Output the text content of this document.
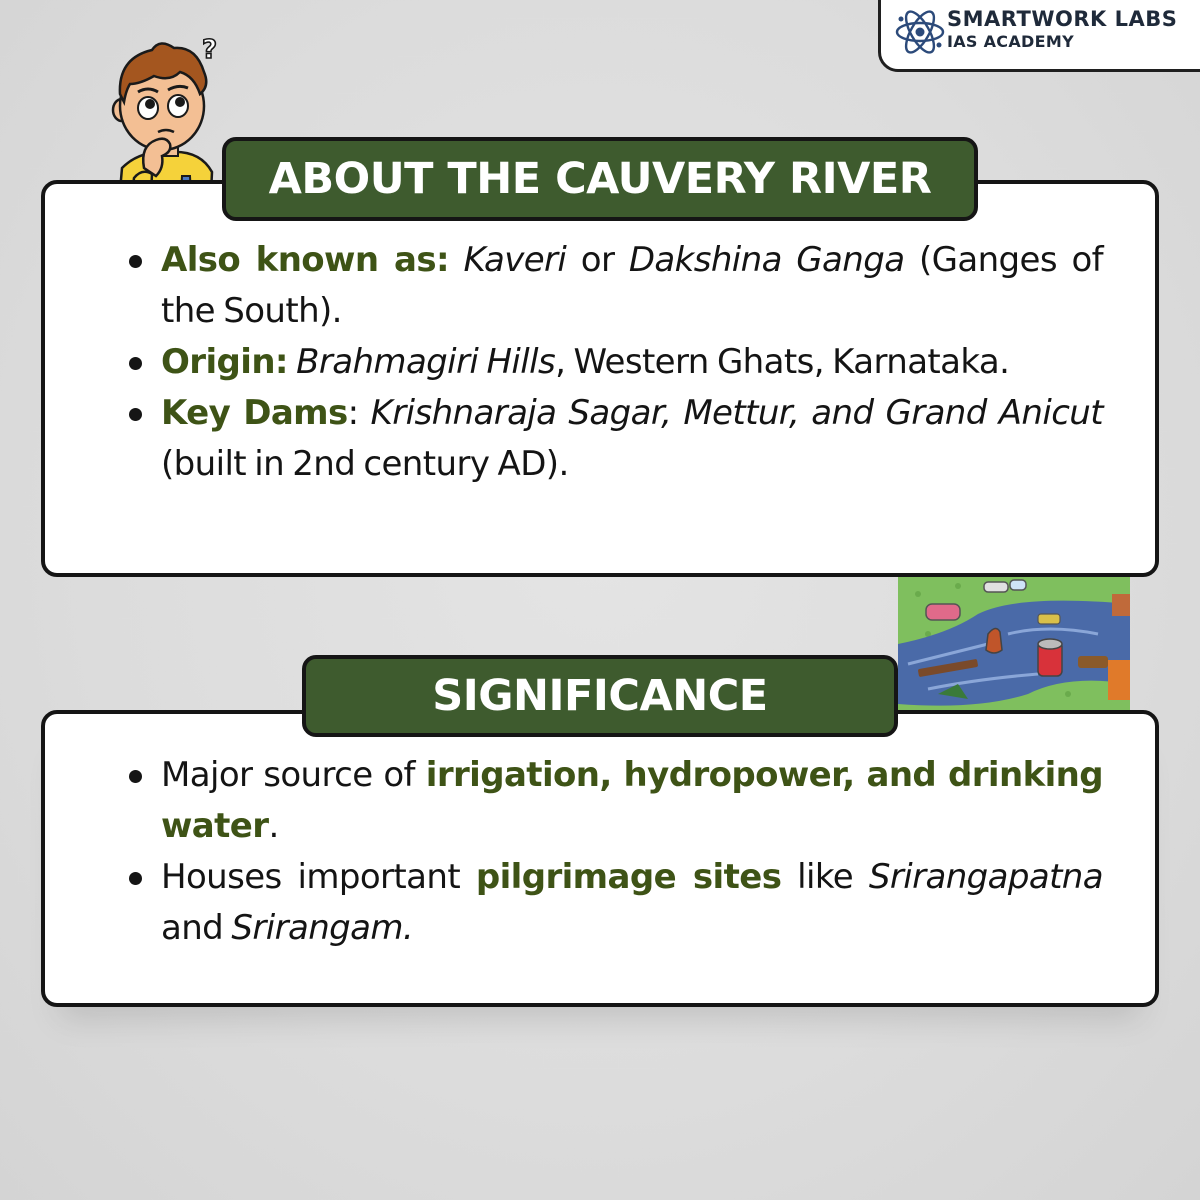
SMARTWORK LABS
IAS ACADEMY
?
ABOUT THE CAUVERY RIVER
Also known as: Kaveri or Dakshina Ganga (Ganges of the South).
Origin: Brahmagiri Hills, Western Ghats, Karnataka.
Key Dams: Krishnaraja Sagar, Mettur, and Grand Anicut (built in 2nd century AD).
SIGNIFICANCE
Major source of irrigation, hydropower, and drinking water.
Houses important pilgrimage sites like Srirangapatna and Srirangam.
